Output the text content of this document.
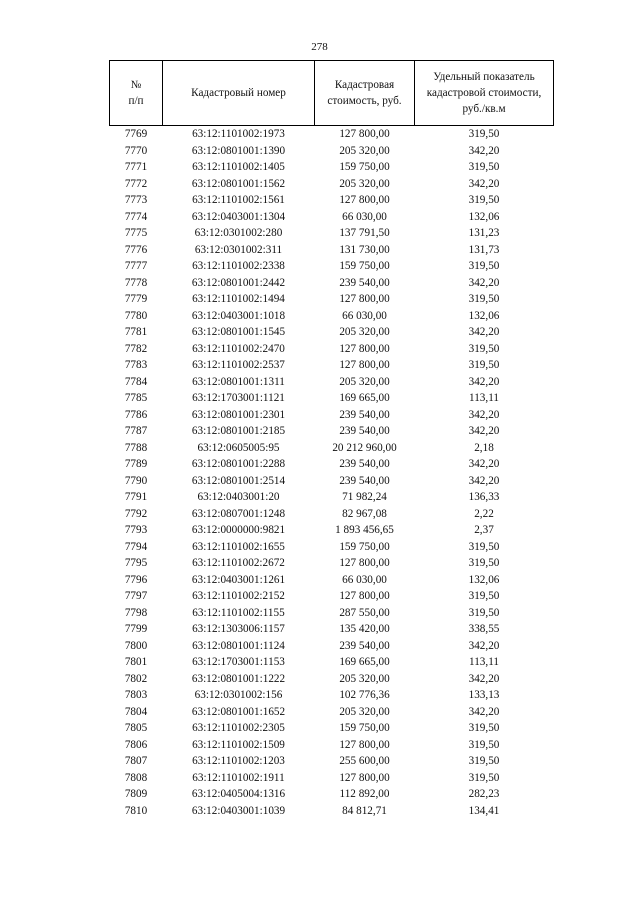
278
№
п/п	Кадастровый номер	Кадастровая стоимость, руб.	Удельный показатель кадастровой стоимости, руб./кв.м
7769	63:12:1101002:1973	127 800,00	319,50
7770	63:12:0801001:1390	205 320,00	342,20
7771	63:12:1101002:1405	159 750,00	319,50
7772	63:12:0801001:1562	205 320,00	342,20
7773	63:12:1101002:1561	127 800,00	319,50
7774	63:12:0403001:1304	66 030,00	132,06
7775	63:12:0301002:280	137 791,50	131,23
7776	63:12:0301002:311	131 730,00	131,73
7777	63:12:1101002:2338	159 750,00	319,50
7778	63:12:0801001:2442	239 540,00	342,20
7779	63:12:1101002:1494	127 800,00	319,50
7780	63:12:0403001:1018	66 030,00	132,06
7781	63:12:0801001:1545	205 320,00	342,20
7782	63:12:1101002:2470	127 800,00	319,50
7783	63:12:1101002:2537	127 800,00	319,50
7784	63:12:0801001:1311	205 320,00	342,20
7785	63:12:1703001:1121	169 665,00	113,11
7786	63:12:0801001:2301	239 540,00	342,20
7787	63:12:0801001:2185	239 540,00	342,20
7788	63:12:0605005:95	20 212 960,00	2,18
7789	63:12:0801001:2288	239 540,00	342,20
7790	63:12:0801001:2514	239 540,00	342,20
7791	63:12:0403001:20	71 982,24	136,33
7792	63:12:0807001:1248	82 967,08	2,22
7793	63:12:0000000:9821	1 893 456,65	2,37
7794	63:12:1101002:1655	159 750,00	319,50
7795	63:12:1101002:2672	127 800,00	319,50
7796	63:12:0403001:1261	66 030,00	132,06
7797	63:12:1101002:2152	127 800,00	319,50
7798	63:12:1101002:1155	287 550,00	319,50
7799	63:12:1303006:1157	135 420,00	338,55
7800	63:12:0801001:1124	239 540,00	342,20
7801	63:12:1703001:1153	169 665,00	113,11
7802	63:12:0801001:1222	205 320,00	342,20
7803	63:12:0301002:156	102 776,36	133,13
7804	63:12:0801001:1652	205 320,00	342,20
7805	63:12:1101002:2305	159 750,00	319,50
7806	63:12:1101002:1509	127 800,00	319,50
7807	63:12:1101002:1203	255 600,00	319,50
7808	63:12:1101002:1911	127 800,00	319,50
7809	63:12:0405004:1316	112 892,00	282,23
7810	63:12:0403001:1039	84 812,71	134,41
